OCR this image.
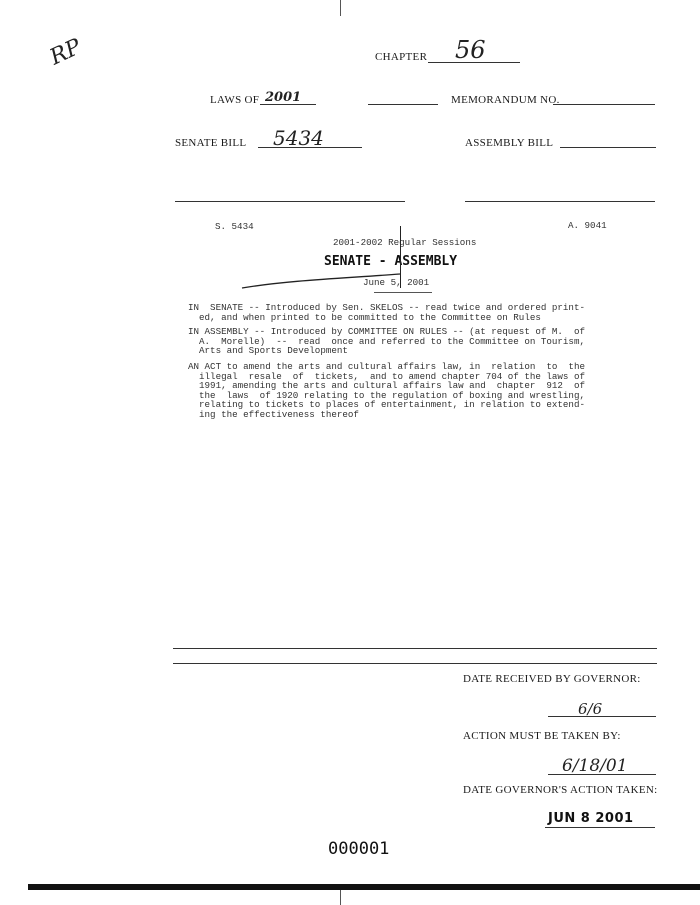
RP	CHAPTER 56
LAWS OF 2001	MEMORANDUM NO.
SENATE BILL 5434	ASSEMBLY BILL
S. 5434	A. 9041
2001-2002 Regular Sessions
SENATE - ASSEMBLY
June 5, 2001
IN  SENATE -- Introduced by Sen. SKELOS -- read twice and ordered print-
ed, and when printed to be committed to the Committee on Rules
IN ASSEMBLY -- Introduced by COMMITTEE ON RULES -- (at request of M.  of
A.  Morelle)  --  read  once and referred to the Committee on Tourism,
Arts and Sports Development
AN ACT to amend the arts and cultural affairs law, in  relation  to  the
illegal  resale  of  tickets,  and to amend chapter 704 of the laws of
1991, amending the arts and cultural affairs law and  chapter  912  of
the  laws  of 1920 relating to the regulation of boxing and wrestling,
relating to tickets to places of entertainment, in relation to extend-
ing the effectiveness thereof
DATE RECEIVED BY GOVERNOR:
6/6
ACTION MUST BE TAKEN BY:
6/18/01
DATE GOVERNOR'S ACTION TAKEN:
JUN 8 2001
000001
